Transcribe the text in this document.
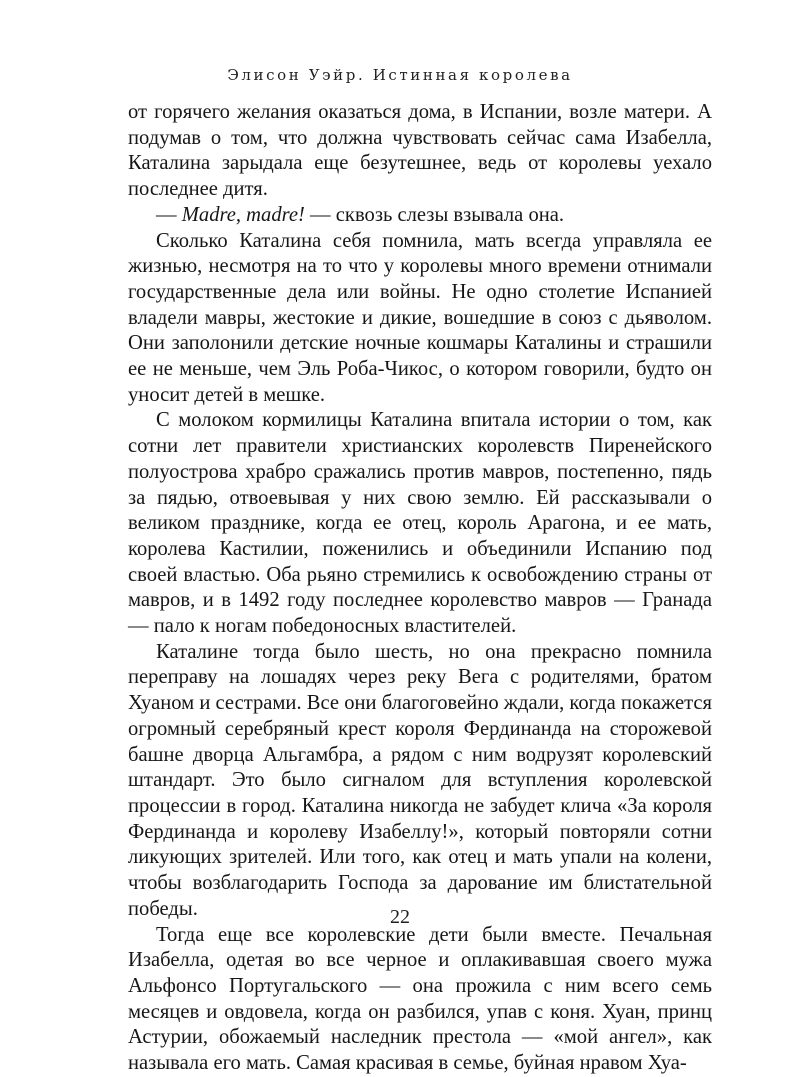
Элисон Уэйр. Истинная королева

от горячего желания оказаться дома, в Испании, возле матери. А подумав о том, что должна чувствовать сейчас сама Изабелла, Каталина зарыдала еще безутешнее, ведь от королевы уехало последнее дитя.

— Madre, madre! — сквозь слезы взывала она.

Сколько Каталина себя помнила, мать всегда управляла ее жизнью, несмотря на то что у королевы много времени отнимали государственные дела или войны. Не одно столетие Испанией владели мавры, жестокие и дикие, вошедшие в союз с дьяволом. Они заполонили детские ночные кошмары Каталины и страшили ее не меньше, чем Эль Роба-Чикос, о котором говорили, будто он уносит детей в мешке.

С молоком кормилицы Каталина впитала истории о том, как сотни лет правители христианских королевств Пиренейского полуострова храбро сражались против мавров, постепенно, пядь за пядью, отвоевывая у них свою землю. Ей рассказывали о великом празднике, когда ее отец, король Арагона, и ее мать, королева Кастилии, поженились и объединили Испанию под своей властью. Оба рьяно стремились к освобождению страны от мавров, и в 1492 году последнее королевство мавров — Гранада — пало к ногам победоносных властителей.

Каталине тогда было шесть, но она прекрасно помнила переправу на лошадях через реку Вега с родителями, братом Хуаном и сестрами. Все они благоговейно ждали, когда покажется огромный серебряный крест короля Фердинанда на сторожевой башне дворца Альгамбра, а рядом с ним водрузят королевский штандарт. Это было сигналом для вступления королевской процессии в город. Каталина никогда не забудет клича «За короля Фердинанда и королеву Изабеллу!», который повторяли сотни ликующих зрителей. Или того, как отец и мать упали на колени, чтобы возблагодарить Господа за дарование им блистательной победы.

Тогда еще все королевские дети были вместе. Печальная Изабелла, одетая во все черное и оплакивавшая своего мужа Альфонсо Португальского — она прожила с ним всего семь месяцев и овдовела, когда он разбился, упав с коня. Хуан, принц Астурии, обожаемый наследник престола — «мой ангел», как называла его мать. Самая красивая в семье, буйная нравом Хуа-

22
